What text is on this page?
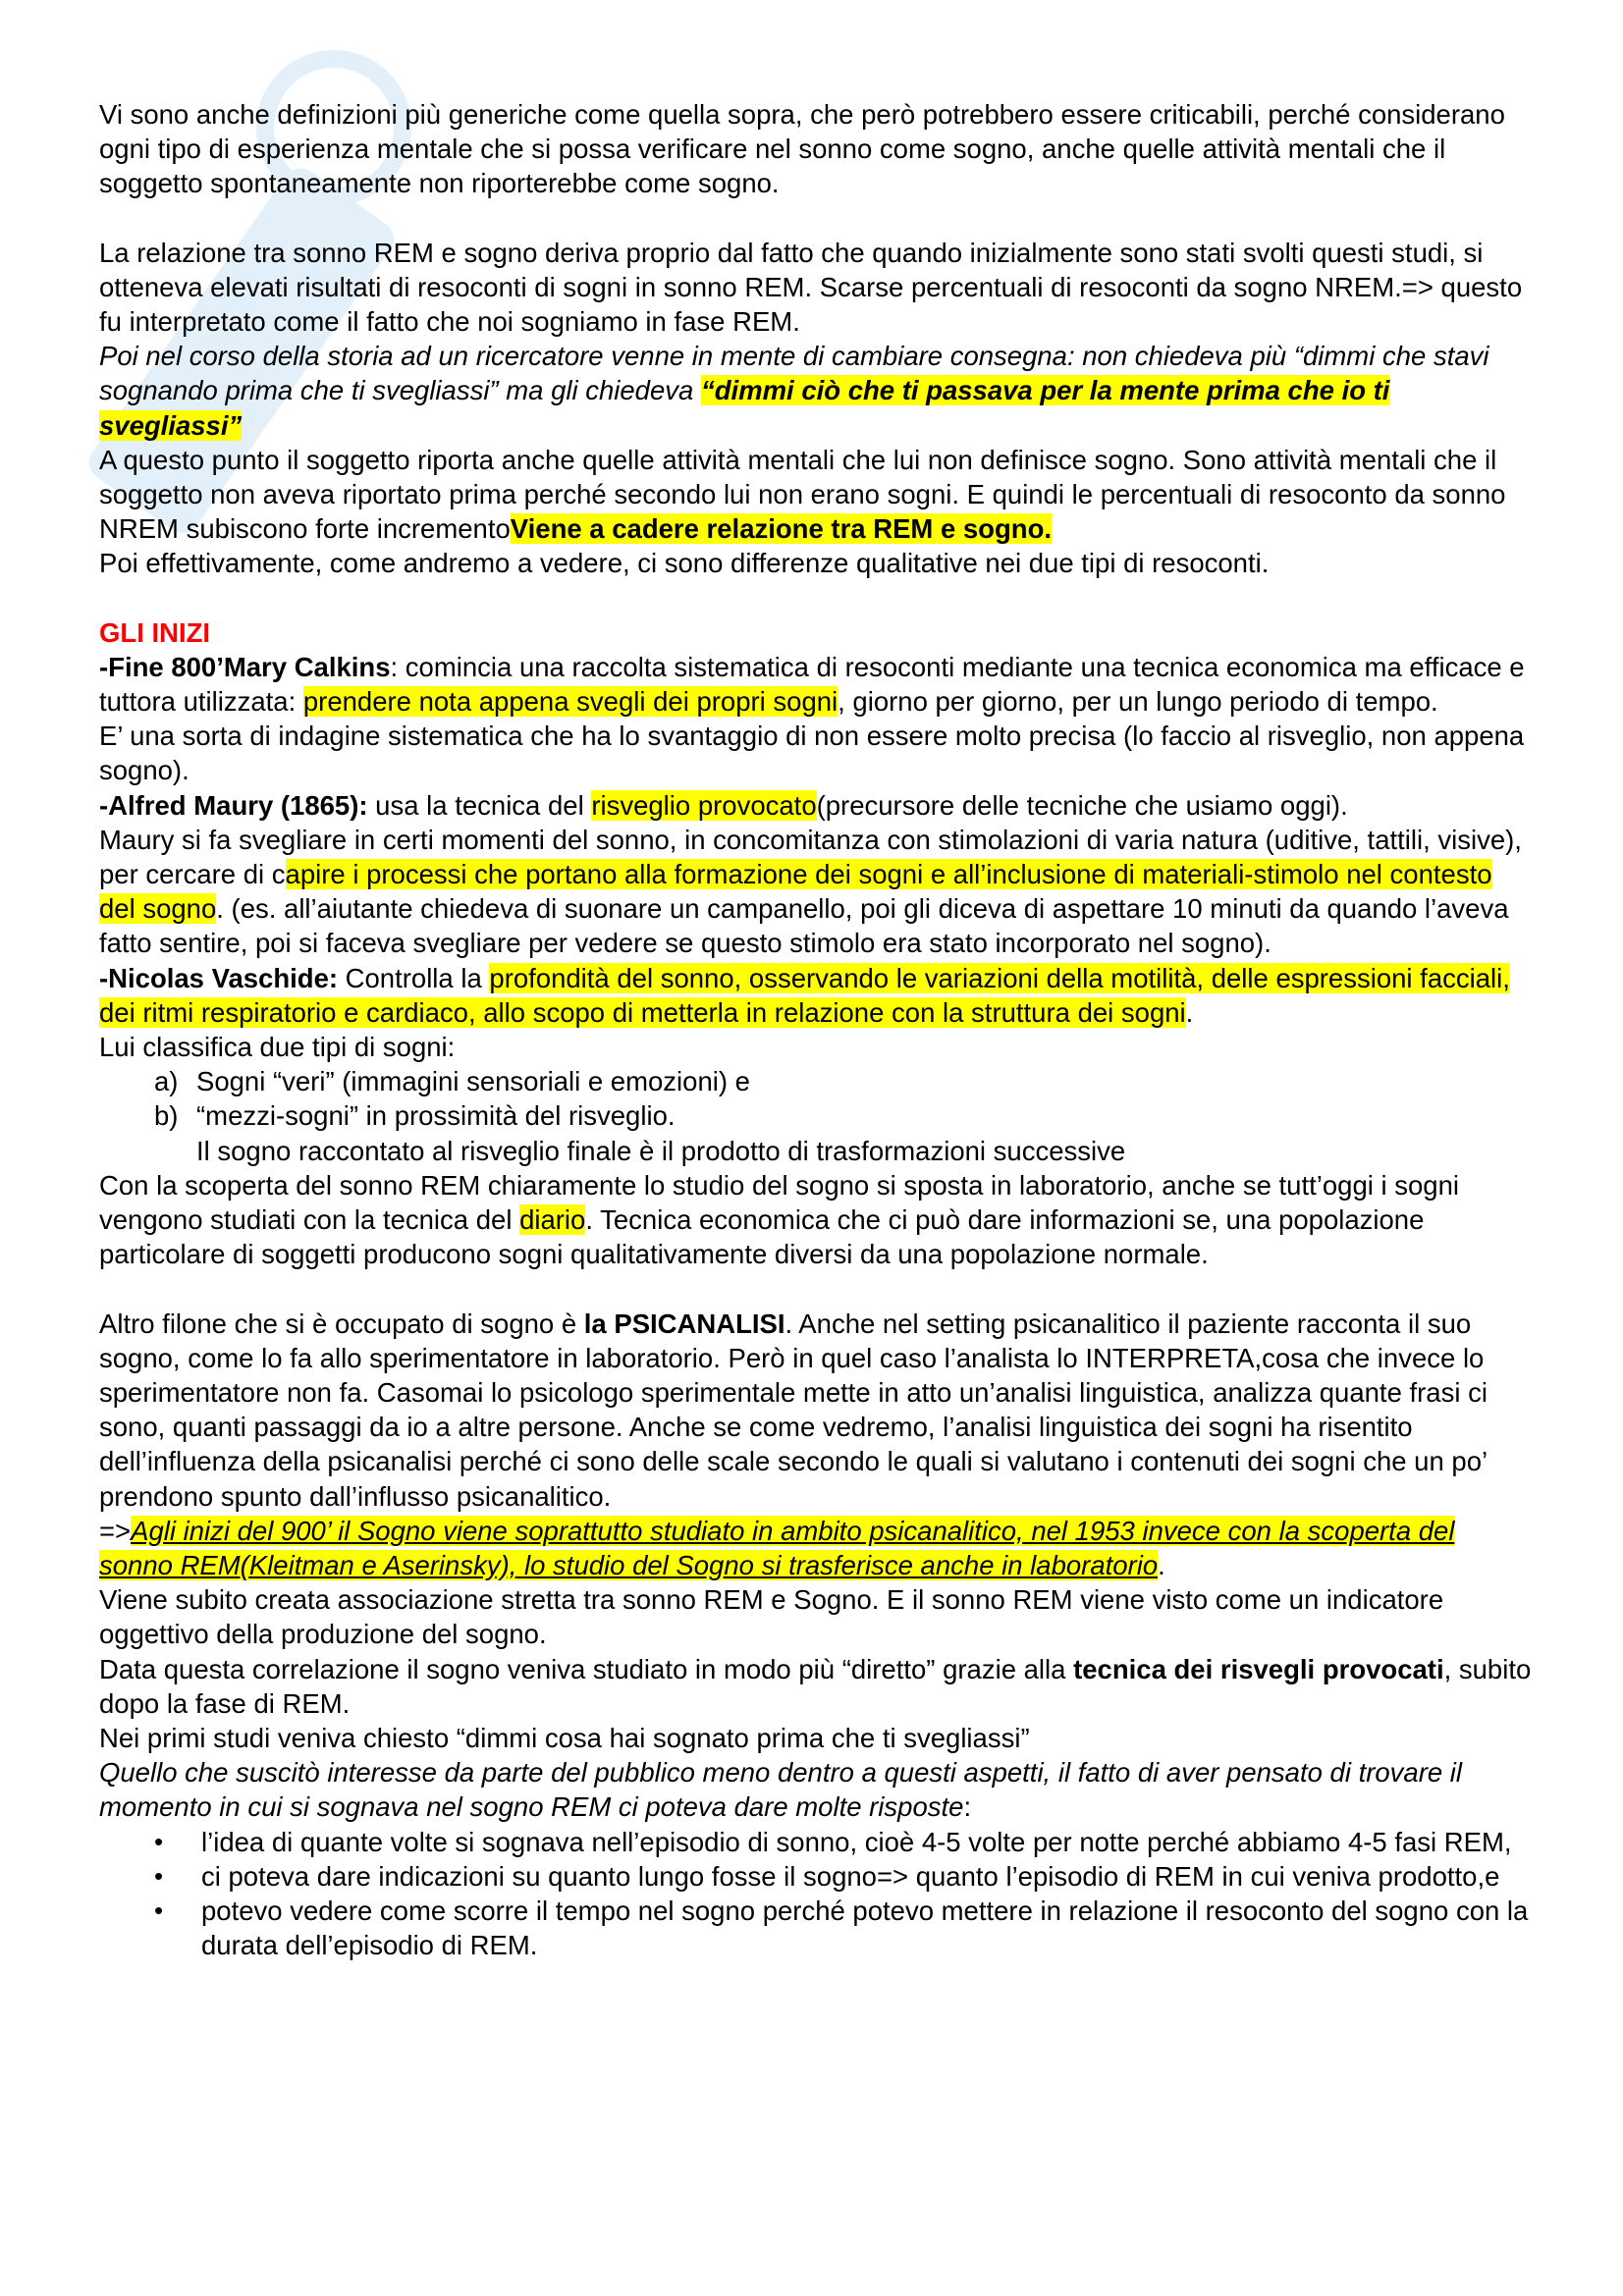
Vi sono anche definizioni più generiche come quella sopra, che però potrebbero essere criticabili, perché considerano ogni tipo di esperienza mentale che si possa verificare nel sonno come sogno, anche quelle attività mentali che il soggetto spontaneamente non riporterebbe come sogno.

La relazione tra sonno REM e sogno deriva proprio dal fatto che quando inizialmente sono stati svolti questi studi, si otteneva elevati risultati di resoconti di sogni in sonno REM. Scarse percentuali di resoconti da sogno NREM.=> questo fu interpretato come il fatto che noi sogniamo in fase REM.

Poi nel corso della storia ad un ricercatore venne in mente di cambiare consegna: non chiedeva più “dimmi che stavi sognando prima che ti svegliassi” ma gli chiedeva “dimmi ciò che ti passava per la mente prima che io ti svegliassi”

A questo punto il soggetto riporta anche quelle attività mentali che lui non definisce sogno. Sono attività mentali che il soggetto non aveva riportato prima perché secondo lui non erano sogni. E quindi le percentuali di resoconto da sonno NREM subiscono forte incrementoViene a cadere relazione tra REM e sogno.

Poi effettivamente, come andremo a vedere, ci sono differenze qualitative nei due tipi di resoconti.

GLI INIZI

-Fine 800’Mary Calkins: comincia una raccolta sistematica di resoconti mediante una tecnica economica ma efficace e tuttora utilizzata: prendere nota appena svegli dei propri sogni, giorno per giorno, per un lungo periodo di tempo.

E’ una sorta di indagine sistematica che ha lo svantaggio di non essere molto precisa (lo faccio al risveglio, non appena sogno).

-Alfred Maury (1865): usa la tecnica del risveglio provocato(precursore delle tecniche che usiamo oggi).

Maury si fa svegliare in certi momenti del sonno, in concomitanza con stimolazioni di varia natura (uditive, tattili, visive), per cercare di capire i processi che portano alla formazione dei sogni e all’inclusione di materiali-stimolo nel contesto del sogno. (es. all’aiutante chiedeva di suonare un campanello, poi gli diceva di aspettare 10 minuti da quando l’aveva fatto sentire, poi si faceva svegliare per vedere se questo stimolo era stato incorporato nel sogno).

-Nicolas Vaschide: Controlla la profondità del sonno, osservando le variazioni della motilità, delle espressioni facciali,

dei ritmi respiratorio e cardiaco, allo scopo di metterla in relazione con la struttura dei sogni.

Lui classifica due tipi di sogni:

a) Sogni “veri” (immagini sensoriali e emozioni) e
b) “mezzi-sogni” in prossimità del risveglio.

Il sogno raccontato al risveglio finale è il prodotto di trasformazioni successive

Con la scoperta del sonno REM chiaramente lo studio del sogno si sposta in laboratorio, anche se tutt’oggi i sogni vengono studiati con la tecnica del diario. Tecnica economica che ci può dare informazioni se, una popolazione particolare di soggetti producono sogni qualitativamente diversi da una popolazione normale.

Altro filone che si è occupato di sogno è la PSICANALISI. Anche nel setting psicanalitico il paziente racconta il suo sogno, come lo fa allo sperimentatore in laboratorio. Però in quel caso l’analista lo INTERPRETA,cosa che invece lo sperimentatore non fa. Casomai lo psicologo sperimentale mette in atto un’analisi linguistica, analizza quante frasi ci sono, quanti passaggi da io a altre persone. Anche se come vedremo, l’analisi linguistica dei sogni ha risentito dell’influenza della psicanalisi perché ci sono delle scale secondo le quali si valutano i contenuti dei sogni che un po’ prendono spunto dall’influsso psicanalitico.

=>Agli inizi del 900’ il Sogno viene soprattutto studiato in ambito psicanalitico, nel 1953 invece con la scoperta del sonno REM(Kleitman e Aserinsky), lo studio del Sogno si trasferisce anche in laboratorio.

Viene subito creata associazione stretta tra sonno REM e Sogno. E il sonno REM viene visto come un indicatore oggettivo della produzione del sogno.

Data questa correlazione il sogno veniva studiato in modo più “diretto” grazie alla tecnica dei risvegli provocati, subito dopo la fase di REM.

Nei primi studi veniva chiesto “dimmi cosa hai sognato prima che ti svegliassi”

Quello che suscitò interesse da parte del pubblico meno dentro a questi aspetti, il fatto di aver pensato di trovare il momento in cui si sognava nel sogno REM ci poteva dare molte risposte:

• l’idea di quante volte si sognava nell’episodio di sonno, cioè 4-5 volte per notte perché abbiamo 4-5 fasi REM,
• ci poteva dare indicazioni su quanto lungo fosse il sogno=> quanto l’episodio di REM in cui veniva prodotto,e
• potevo vedere come scorre il tempo nel sogno perché potevo mettere in relazione il resoconto del sogno con la durata dell’episodio di REM.
